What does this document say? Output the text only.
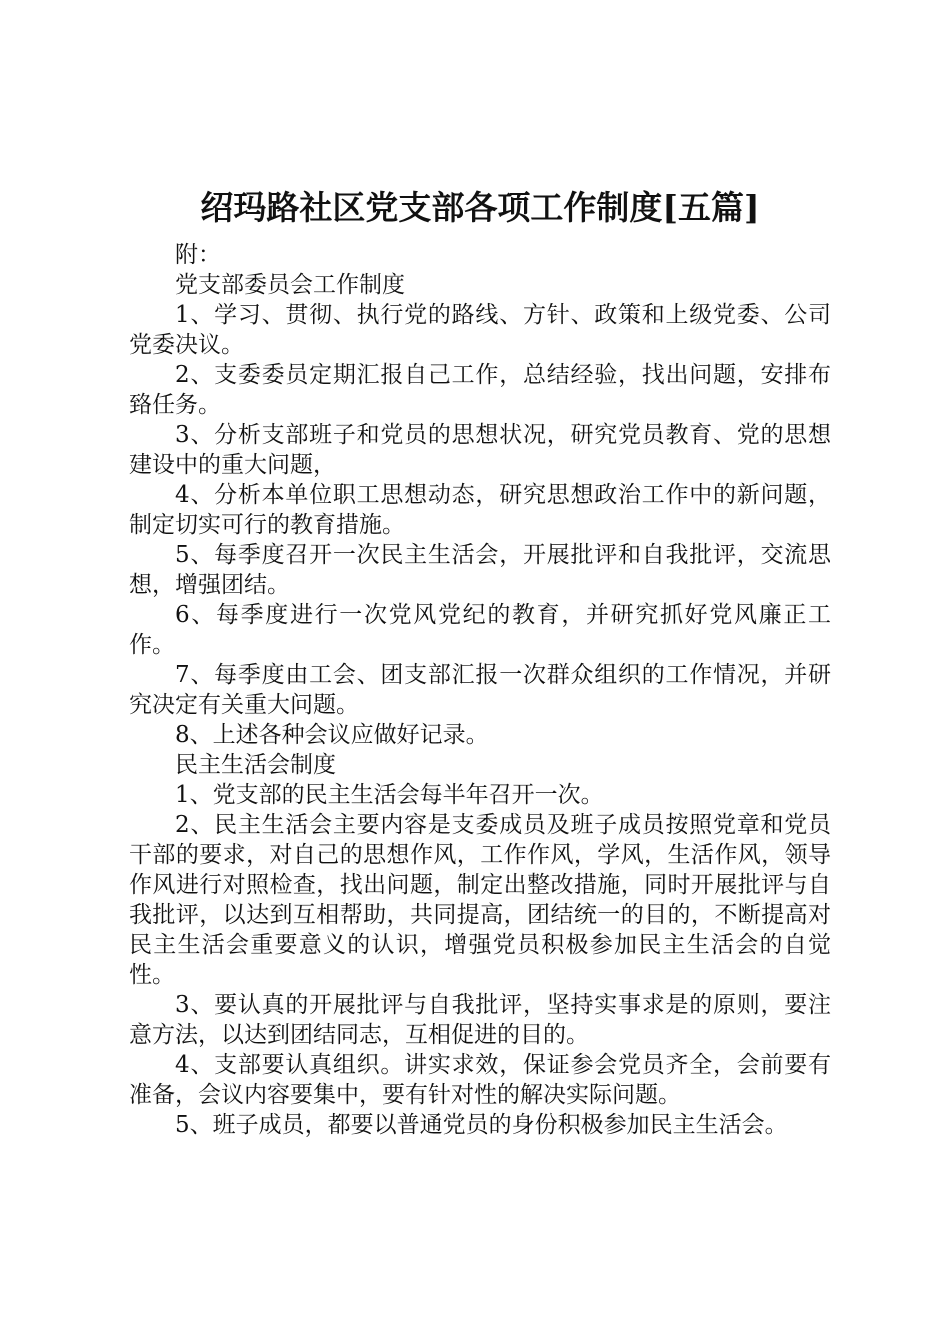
绍玛路社区党支部各项工作制度[五篇]

附：

党支部委员会工作制度

1、学习、贯彻、执行党的路线、方针、政策和上级党委、公司党委决议。

2、支委委员定期汇报自己工作，总结经验，找出问题，安排布臵任务。

3、分析支部班子和党员的思想状况，研究党员教育、党的思想建设中的重大问题，

4、分析本单位职工思想动态，研究思想政治工作中的新问题，制定切实可行的教育措施。

5、每季度召开一次民主生活会，开展批评和自我批评，交流思想，增强团结。

6、每季度进行一次党风党纪的教育，并研究抓好党风廉正工作。

7、每季度由工会、团支部汇报一次群众组织的工作情况，并研究决定有关重大问题。

8、上述各种会议应做好记录。

民主生活会制度

1、党支部的民主生活会每半年召开一次。

2、民主生活会主要内容是支委成员及班子成员按照党章和党员干部的要求，对自己的思想作风，工作作风，学风，生活作风，领导作风进行对照检查，找出问题，制定出整改措施，同时开展批评与自我批评，以达到互相帮助，共同提高，团结统一的目的，不断提高对民主生活会重要意义的认识，增强党员积极参加民主生活会的自觉性。

3、要认真的开展批评与自我批评，坚持实事求是的原则，要注意方法，以达到团结同志，互相促进的目的。

4、支部要认真组织。讲实求效，保证参会党员齐全，会前要有准备，会议内容要集中，要有针对性的解决实际问题。

5、班子成员，都要以普通党员的身份积极参加民主生活会。
